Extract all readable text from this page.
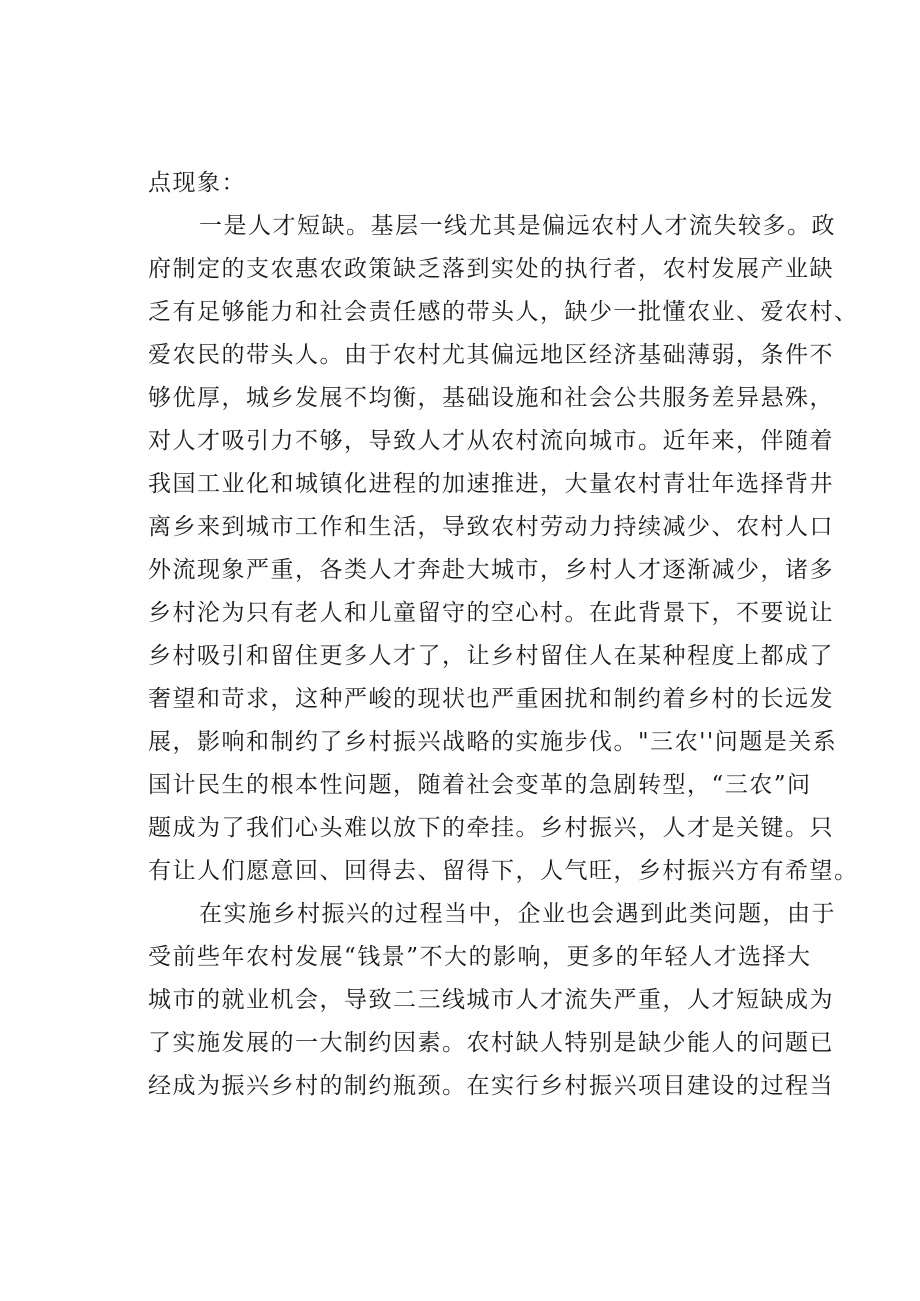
点现象：
一是人才短缺。基层一线尤其是偏远农村人才流失较多。政
府制定的支农惠农政策缺乏落到实处的执行者，农村发展产业缺
乏有足够能力和社会责任感的带头人，缺少一批懂农业、爱农村、
爱农民的带头人。由于农村尤其偏远地区经济基础薄弱，条件不
够优厚，城乡发展不均衡，基础设施和社会公共服务差异悬殊，
对人才吸引力不够，导致人才从农村流向城市。近年来，伴随着
我国工业化和城镇化进程的加速推进，大量农村青壮年选择背井
离乡来到城市工作和生活，导致农村劳动力持续减少、农村人口
外流现象严重，各类人才奔赴大城市，乡村人才逐渐减少，诸多
乡村沦为只有老人和儿童留守的空心村。在此背景下，不要说让
乡村吸引和留住更多人才了，让乡村留住人在某种程度上都成了
奢望和苛求，这种严峻的现状也严重困扰和制约着乡村的长远发
展，影响和制约了乡村振兴战略的实施步伐。"三农''问题是关系
国计民生的根本性问题，随着社会变革的急剧转型，“三农”问
题成为了我们心头难以放下的牵挂。乡村振兴，人才是关键。只
有让人们愿意回、回得去、留得下，人气旺，乡村振兴方有希望。
在实施乡村振兴的过程当中，企业也会遇到此类问题，由于
受前些年农村发展“钱景”不大的影响，更多的年轻人才选择大
城市的就业机会，导致二三线城市人才流失严重，人才短缺成为
了实施发展的一大制约因素。农村缺人特别是缺少能人的问题已
经成为振兴乡村的制约瓶颈。在实行乡村振兴项目建设的过程当
